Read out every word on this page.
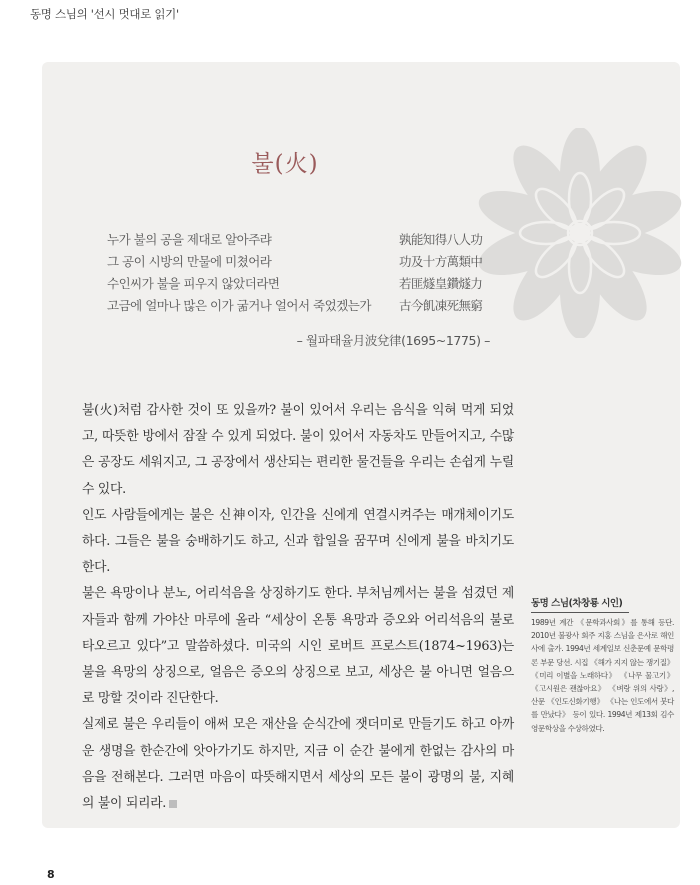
동명 스님의 '선시 멋대로 읽기'
불(火)
누가 불의 공을 제대로 알아주랴	孰能知得八人功
그 공이 시방의 만물에 미쳤어라	功及十方萬類中
수인씨가 불을 피우지 않았더라면	若匪燧皇鑽燧力
고금에 얼마나 많은 이가 굶거나 얼어서 죽었겠는가 古今飢凍死無窮
– 월파태율月波兌律(1695~1775) –

불(火)처럼 감사한 것이 또 있을까? 불이 있어서 우리는 음식을 익혀 먹게 되었고, 따뜻한 방에서 잠잘 수 있게 되었다. 불이 있어서 자동차도 만들어지고, 수많은 공장도 세워지고, 그 공장에서 생산되는 편리한 물건들을 우리는 손쉽게 누릴 수 있다.

인도 사람들에게는 불은 신神이자, 인간을 신에게 연결시켜주는 매개체이기도 하다. 그들은 불을 숭배하기도 하고, 신과 합일을 꿈꾸며 신에게 불을 바치기도 한다.

불은 욕망이나 분노, 어리석음을 상징하기도 한다. 부처님께서는 불을 섬겼던 제자들과 함께 가야산 마루에 올라 “세상이 온통 욕망과 증오와 어리석음의 불로 타오르고 있다”고 말씀하셨다. 미국의 시인 로버트 프로스트(1874~1963)는 불을 욕망의 상징으로, 얼음은 증오의 상징으로 보고, 세상은 불 아니면 얼음으로 망할 것이라 진단한다.

실제로 불은 우리들이 애써 모은 재산을 순식간에 잿더미로 만들기도 하고 아까운 생명을 한순간에 앗아가기도 하지만, 지금 이 순간 불에게 한없는 감사의 마음을 전해본다. 그러면 마음이 따뜻해지면서 세상의 모든 불이 광명의 불, 지혜의 불이 되리라.

동명 스님(차창룡 시인)
1989년 계간 《문학과사회》를 통해 등단. 2010년 불광사 회주 지홍 스님을 은사로 해인사에 출가. 1994년 세계일보 신춘문예 문학평론 부문 당선. 시집 《해가 지지 않는 쟁기질》 《미리 이별을 노래하다》 《나무 물고기》 《고시원은 괜찮아요》 《벼랑 위의 사랑》, 산문 《인도신화기행》 《나는 인도에서 붓다를 만났다》 등이 있다. 1994년 제13회 김수영문학상을 수상하였다.
8
